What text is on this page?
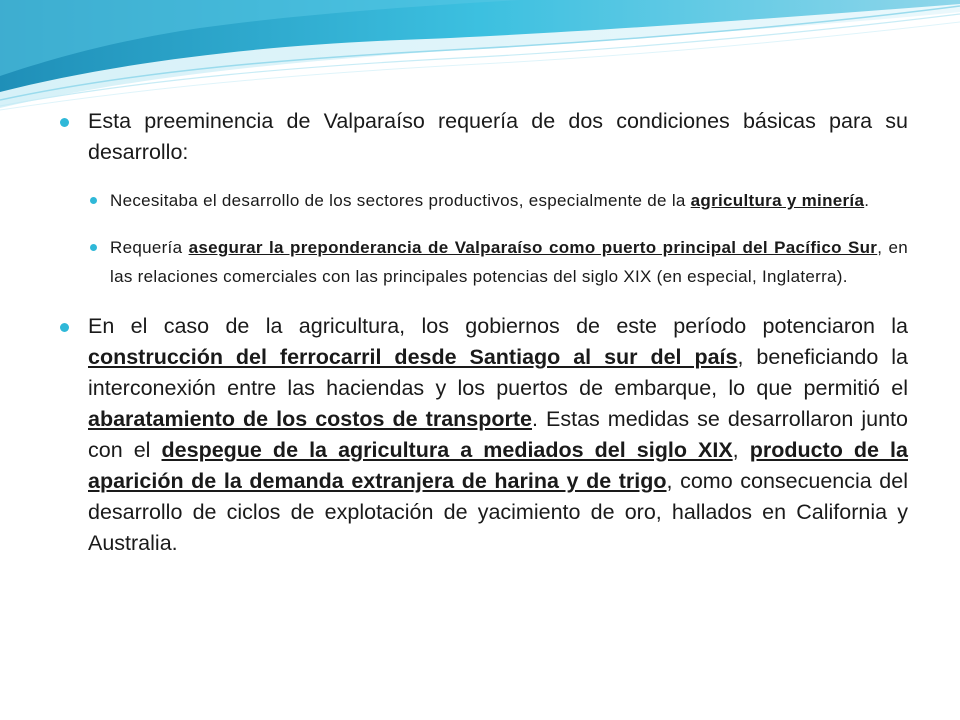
Esta preeminencia de Valparaíso requería de dos condiciones básicas para su desarrollo:
Necesitaba el desarrollo de los sectores productivos, especialmente de la agricultura y minería.
Requería asegurar la preponderancia de Valparaíso como puerto principal del Pacífico Sur, en las relaciones comerciales con las principales potencias del siglo XIX (en especial, Inglaterra).
En el caso de la agricultura, los gobiernos de este período potenciaron la construcción del ferrocarril desde Santiago al sur del país, beneficiando la interconexión entre las haciendas y los puertos de embarque, lo que permitió el abaratamiento de los costos de transporte. Estas medidas se desarrollaron junto con el despegue de la agricultura a mediados del siglo XIX, producto de la aparición de la demanda extranjera de harina y de trigo, como consecuencia del desarrollo de ciclos de explotación de yacimiento de oro, hallados en California y Australia.
